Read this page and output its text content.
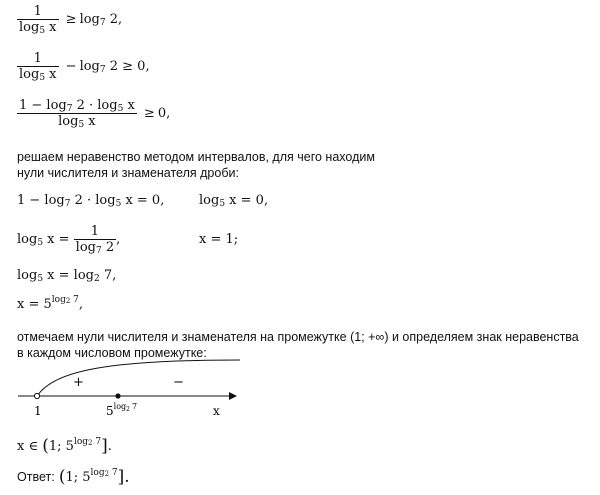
$\frac{1}{\log_5 x} \ge \log_7 2$,
$\frac{1}{\log_5 x} - \log_7 2 \ge 0$,
$\frac{1 - \log_7 2 \cdot \log_5 x}{\log_5 x} \ge 0$,
решаем неравенство методом интервалов, для чего находим
нули числителя и знаменателя дроби:
$1 - \log_7 2 \cdot \log_5 x = 0$,	$\log_5 x = 0$,
$\log_5 x = \frac{1}{\log_7 2}$ ,	x = 1;
$\log_5 x = \log_2 7$,
$x = 5^{log_2 7}$,
отмечаем нули числителя и знаменателя на промежутке (1; +∞) и определяем знак неравенства
в каждом числовом промежутке:
+	−
1	x
$5^{log}2$ 7
x ∈ (1; $5^{log_2 7}$].
Ответ: (1; $5^{log_2 7}$].
